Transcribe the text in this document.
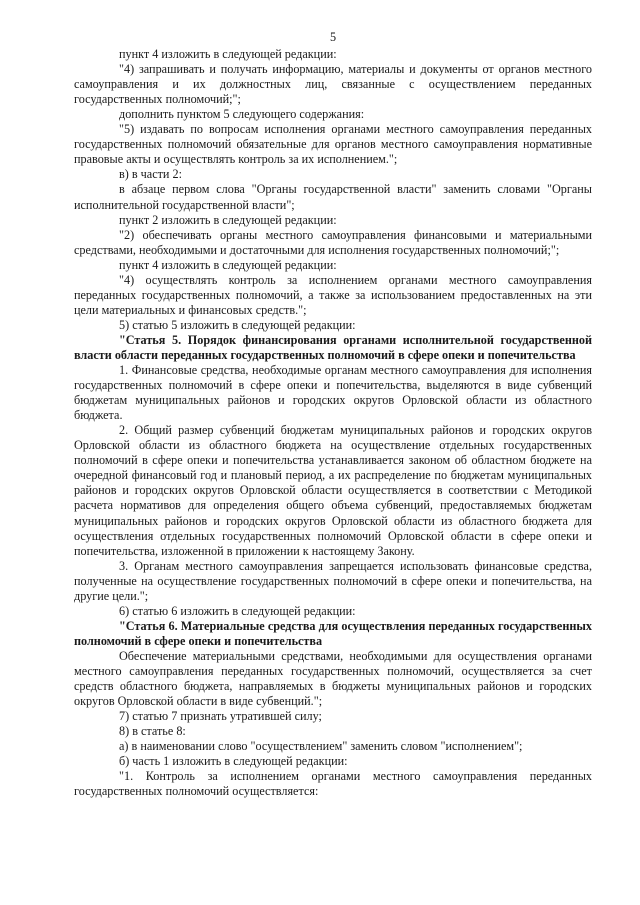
5

пункт 4 изложить в следующей редакции:

"4) запрашивать и получать информацию, материалы и документы от органов местного самоуправления и их должностных лиц, связанные с осуществлением переданных государственных полномочий;";

дополнить пунктом 5 следующего содержания:

"5) издавать по вопросам исполнения органами местного самоуправления переданных государственных полномочий обязательные для органов местного самоуправления нормативные правовые акты и осуществлять контроль за их исполнением.";

в) в части 2:

в абзаце первом слова "Органы государственной власти" заменить словами "Органы исполнительной государственной власти";

пункт 2 изложить в следующей редакции:

"2) обеспечивать органы местного самоуправления финансовыми и материальными средствами, необходимыми и достаточными для исполнения государственных полномочий;";

пункт 4 изложить в следующей редакции:

"4) осуществлять контроль за исполнением органами местного самоуправления переданных государственных полномочий, а также за использованием предоставленных на эти цели материальных и финансовых средств.";

5) статью 5 изложить в следующей редакции:

"Статья 5. Порядок финансирования органами исполнительной государственной власти области переданных государственных полномочий в сфере опеки и попечительства

1. Финансовые средства, необходимые органам местного самоуправления для исполнения государственных полномочий в сфере опеки и попечительства, выделяются в виде субвенций бюджетам муниципальных районов и городских округов Орловской области из областного бюджета.

2. Общий размер субвенций бюджетам муниципальных районов и городских округов Орловской области из областного бюджета на осуществление отдельных государственных полномочий в сфере опеки и попечительства устанавливается законом об областном бюджете на очередной финансовый год и плановый период, а их распределение по бюджетам муниципальных районов и городских округов Орловской области осуществляется в соответствии с Методикой расчета нормативов для определения общего объема субвенций, предоставляемых бюджетам муниципальных районов и городских округов Орловской области из областного бюджета для осуществления отдельных государственных полномочий Орловской области в сфере опеки и попечительства, изложенной в приложении к настоящему Закону.

3. Органам местного самоуправления запрещается использовать финансовые средства, полученные на осуществление государственных полномочий в сфере опеки и попечительства, на другие цели.";

6) статью 6 изложить в следующей редакции:

"Статья 6. Материальные средства для осуществления переданных государственных полномочий в сфере опеки и попечительства

Обеспечение материальными средствами, необходимыми для осуществления органами местного самоуправления переданных государственных полномочий, осуществляется за счет средств областного бюджета, направляемых в бюджеты муниципальных районов и городских округов Орловской области в виде субвенций.";

7) статью 7 признать утратившей силу;

8) в статье 8:

а) в наименовании слово "осуществлением" заменить словом "исполнением";

б) часть 1 изложить в следующей редакции:

"1. Контроль за исполнением органами местного самоуправления переданных государственных полномочий осуществляется:
